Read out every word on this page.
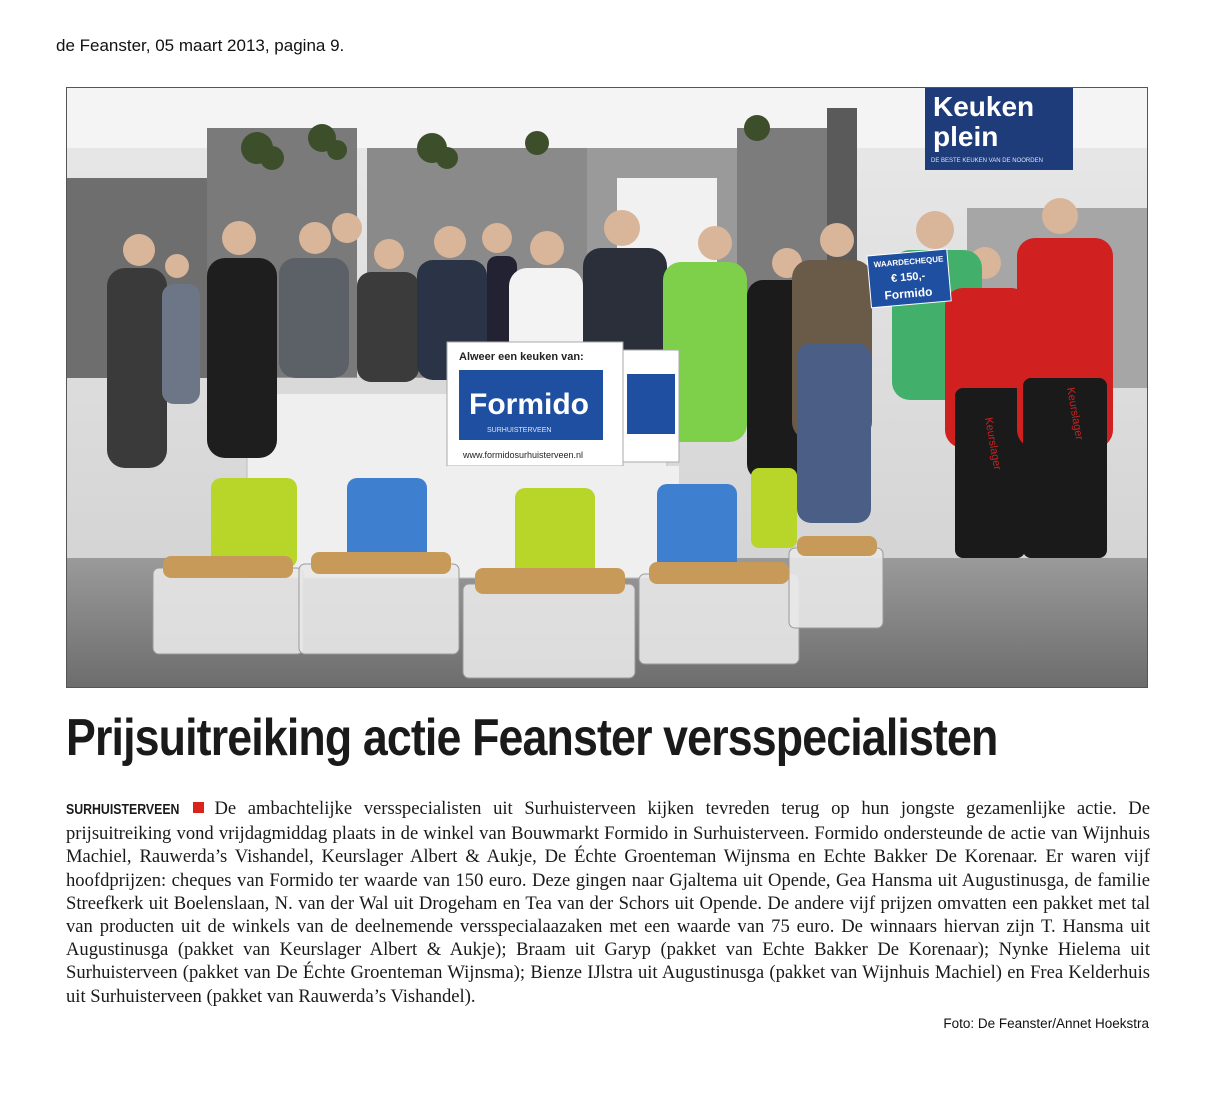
de Feanster, 05 maart 2013, pagina 9.
Keuken
plein
DE BESTE KEUKEN VAN DE NOORDEN
Keurslager
Keurslager
WAARDECHEQUE
€ 150,-
Formido
Alweer een keuken van:
Formido
SURHUISTERVEEN
www.formidosurhuisterveen.nl
Prijsuitreiking actie Feanster versspecialisten

SURHUISTERVEEN De ambachtelijke versspecialisten uit Surhuisterveen kijken tevreden terug op hun jongste gezamenlijke actie. De prijsuitreiking vond vrijdagmiddag plaats in de winkel van Bouwmarkt Formido in Surhuisterveen. Formido ondersteunde de actie van Wijnhuis Machiel, Rauwerda’s Vishandel, Keurslager Albert & Aukje, De Échte Groenteman Wijnsma en Echte Bakker De Korenaar. Er waren vijf hoofdprijzen: cheques van Formido ter waarde van 150 euro. Deze gingen naar Gjaltema uit Opende, Gea Hansma uit Augustinusga, de familie Streefkerk uit Boelenslaan, N. van der Wal uit Drogeham en Tea van der Schors uit Opende. De andere vijf prijzen omvatten een pakket met tal van producten uit de winkels van de deelnemende versspecialaazaken met een waarde van 75 euro. De winnaars hiervan zijn T. Hansma uit Augustinusga (pakket van Keurslager Albert & Aukje); Braam uit Garyp (pakket van Echte Bakker De Korenaar); Nynke Hielema uit Surhuisterveen (pakket van De Échte Groenteman Wijnsma); Bienze IJlstra uit Augustinusga (pakket van Wijnhuis Machiel) en Frea Kelderhuis uit Surhuisterveen (pakket van Rauwerda’s Vishandel).

Foto: De Feanster/Annet Hoekstra
